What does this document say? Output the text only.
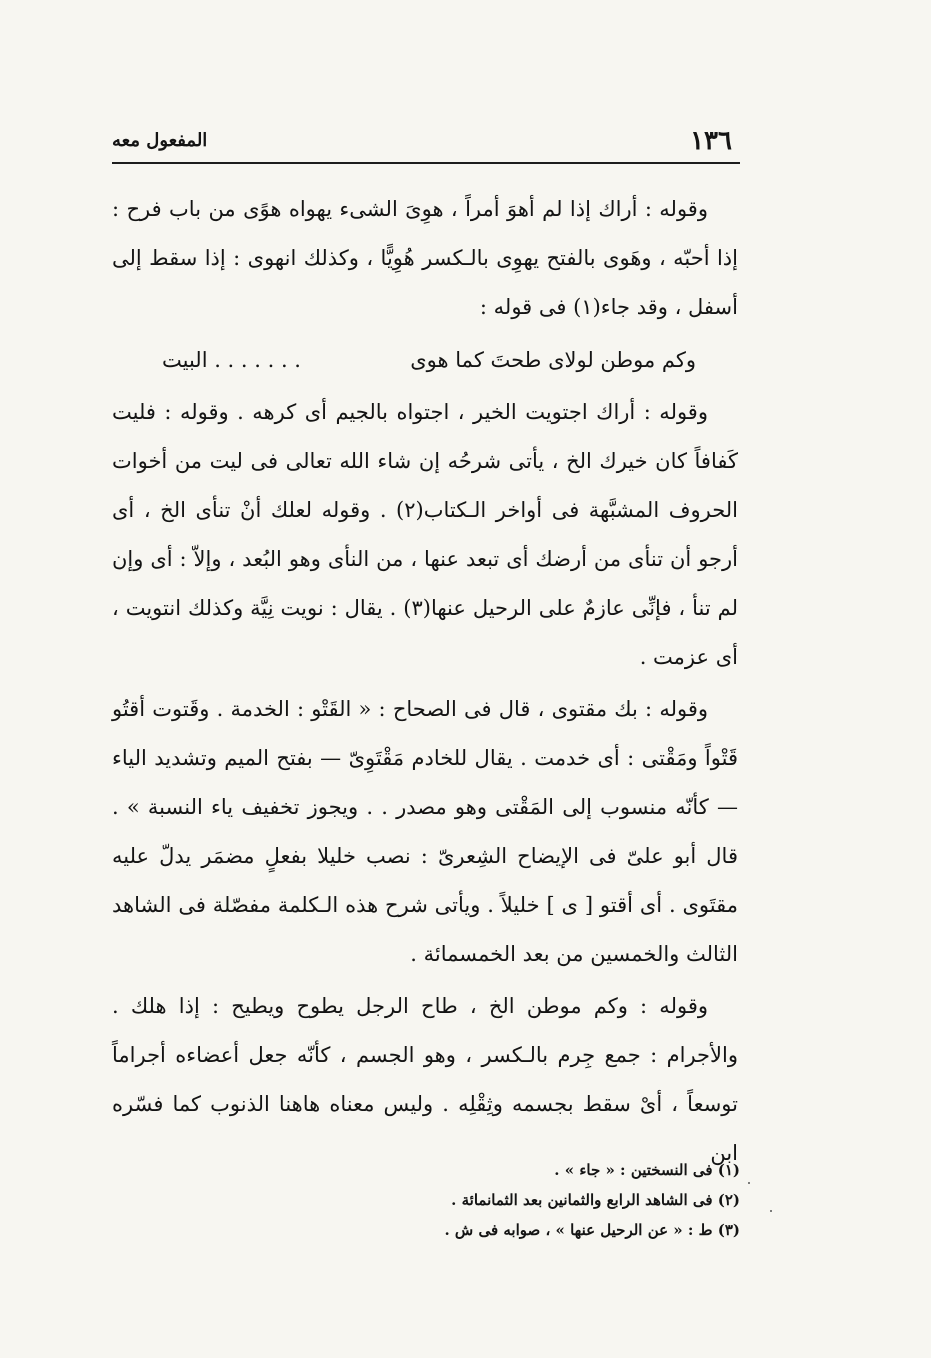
١٣٦
المفعول معه

وقوله : أراك إذا لم أهوَ أمراً ، هوِىَ الشىء يهواه هوًى من باب فرح : إذا أحبّه ، وهَوى بالفتح يهوِى بالـكسر هُوِيًّا ، وكذلك انهوى : إذا سقط إلى أسفل ، وقد جاء(١) فى قوله :

وكم موطن لولاى طحتَ كما هوى
. . . . . . . البيت

وقوله : أراك اجتويت الخير ، اجتواه بالجيم أى كرهه . وقوله : فليت كَفافاً كان خيرك الخ ، يأتى شرحُه إن شاء الله تعالى فى ليت من أخوات الحروف المشبَّهة فى أواخر الـكتاب(٢) . وقوله لعلك أنْ تنأى الخ ، أى أرجو أن تنأى من أرضك أى تبعد عنها ، من النأى وهو البُعد ، وإلاّ : أى وإن لم تنأ ، فإنِّى عازمٌ على الرحيل عنها(٣) . يقال : نويت نِيَّة وكذلك انتويت ، أى عزمت .

وقوله : بك مقتوى ، قال فى الصحاح : « القَتْو : الخدمة . وقَتوت أقتُو قَتْواً ومَقْتى : أى خدمت . يقال للخادم مَقْتَوِىّ — بفتح الميم وتشديد الياء — كأنّه منسوب إلى المَقْتى وهو مصدر . . ويجوز تخفيف ياء النسبة » . قال أبو علىّ فى الإيضاح الشِعرىّ : نصب خليلا بفعلٍ مضمَر يدلّ عليه مقتَوى . أى أقتو [ ى ] خليلاً . ويأتى شرح هذه الـكلمة مفصّلة فى الشاهد الثالث والخمسين من بعد الخمسمائة .

وقوله : وكم موطن الخ ، طاح الرجل يطوح ويطيح : إذا هلك . والأجرام : جمع جِرم بالـكسر ، وهو الجسم ، كأنّه جعل أعضاءه أجراماً توسعاً ، أىْ سقط بجسمه وثِقْلِه . وليس معناه هاهنا الذنوب كما فسّره ابن

(١) فى النسختين : « جاء » .
(٢) فى الشاهد الرابع والثمانين بعد الثمانمائة .
(٣) ط : « عن الرحيل عنها » ، صوابه فى ش .
